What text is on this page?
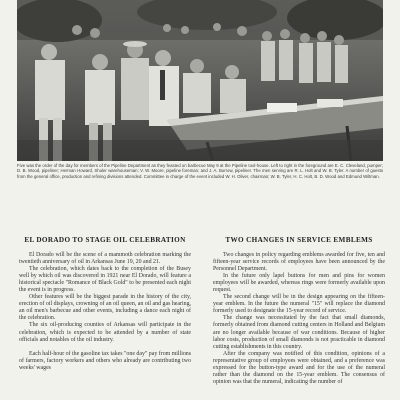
Five was the order of the day for members of the Pipeline Department as they feasted on barbecue May 9 at the Pipeline tool-house. Left to right in the foreground are E. C. Cleveland, pumper; D. B. Wood, pipeliner; Herman Howard, Shuler warehouseman; V. W. Moore, pipeline foreman; and J. A. Burrow, pipeliner. The men serving are R. L. Holt and W. B. Tyler. A number of guests from the general office, production and refining divisions attended. Committee in charge of the event included W. H. Oliver, chairman; W. B. Tyler, H. C. Holt, B. D. Wood and Edmund Wiltman.

EL DORADO TO STAGE OIL CELEBRATION

El Dorado will be the scene of a mammoth celebration marking the twentieth anniversary of oil in Arkansas June 19, 20 and 21.

The celebration, which dates back to the completion of the Busey well by which oil was discovered in 1921 near El Dorado, will feature a historical spectacle "Romance of Black Gold" to be presented each night the event is in progress.

Other features will be the biggest parade in the history of the city, erection of oil displays, crowning of an oil queen, an oil and gas hearing, an oil men's barbecue and other events, including a dance each night of the celebration.

The six oil-producing counties of Arkansas will participate in the celebration, which is expected to be attended by a number of state officials and notables of the oil industry.

Each half-hour of the gasoline tax takes "one day" pay from millions of farmers, factory workers and others who already are contributing two weeks' wages

TWO CHANGES IN SERVICE EMBLEMS

Two changes in policy regarding emblems awarded for five, ten and fifteen-year service records of employees have been announced by the Personnel Department.

In the future only lapel buttons for men and pins for women employees will be awarded, whereas rings were formerly available upon request.

The second change will be in the design appearing on the fifteen-year emblem. In the future the numeral "15" will replace the diamond formerly used to designate the 15-year record of service.

The change was necessitated by the fact that small diamonds, formerly obtained from diamond cutting centers in Holland and Belgium are no longer available because of war conditions. Because of higher labor costs, production of small diamonds is not practicable in diamond cutting establishments in this country.

After the company was notified of this condition, opinions of a representative group of employees were obtained, and a preference was expressed for the button-type award and for the use of the numeral rather than the diamond on the 15-year emblem. The consensus of opinion was that the numeral, indicating the number of
